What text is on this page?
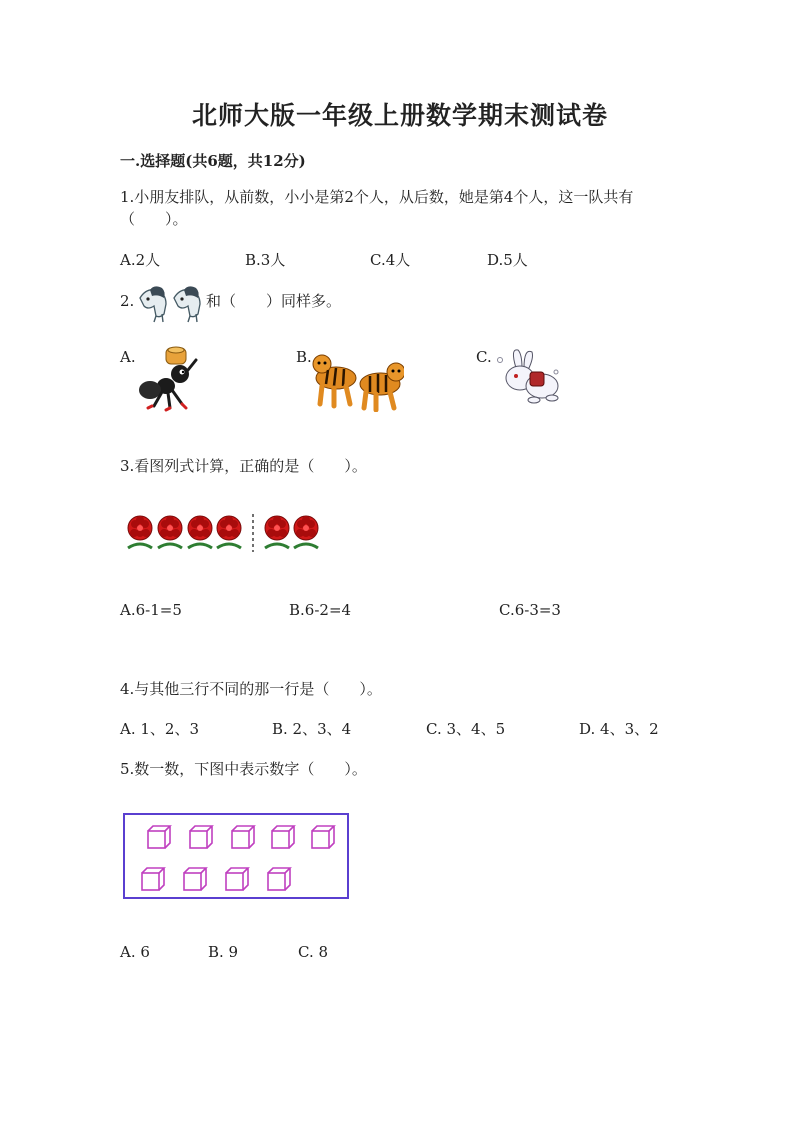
北师大版一年级上册数学期末测试卷
一.选择题(共6题，共12分)
1.小朋友排队，从前数，小小是第2个人，从后数，她是第4个人，这一队共有（　　）。
A.2人	B.3人	C.4人	D.5人
2.	和（　　）同样多。
A.	B.	C.
3.看图列式计算，正确的是（　　）。
A.6-1=5	B.6-2=4	C.6-3=3
4.与其他三行不同的那一行是（　　）。
A. 1、2、3	B. 2、3、4	C. 3、4、5	D. 4、3、2
5.数一数，下图中表示数字（　　）。
A. 6	B. 9	C. 8
